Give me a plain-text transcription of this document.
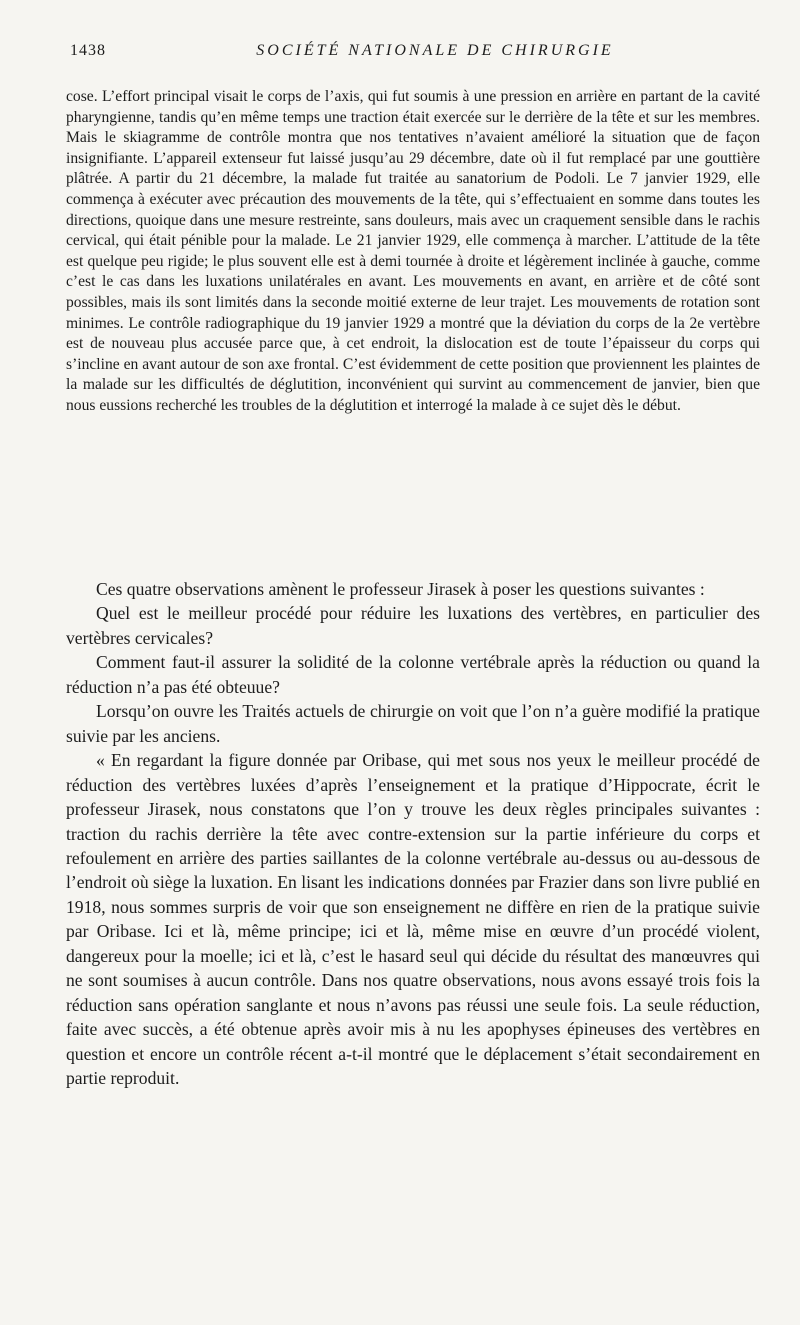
1438	SOCIÉTÉ NATIONALE DE CHIRURGIE

cose. L’effort principal visait le corps de l’axis, qui fut soumis à une pression en arrière en partant de la cavité pharyngienne, tandis qu’en même temps une traction était exercée sur le derrière de la tête et sur les membres. Mais le skiagramme de contrôle montra que nos tentatives n’avaient amélioré la situation que de façon insignifiante. L’appareil extenseur fut laissé jusqu’au 29 décembre, date où il fut remplacé par une gouttière plâtrée. A partir du 21 décembre, la malade fut traitée au sanatorium de Podoli. Le 7 janvier 1929, elle commença à exécuter avec précaution des mouvements de la tête, qui s’effectuaient en somme dans toutes les directions, quoique dans une mesure restreinte, sans douleurs, mais avec un craquement sensible dans le rachis cervical, qui était pénible pour la malade. Le 21 janvier 1929, elle commença à marcher. L’attitude de la tête est quelque peu rigide; le plus souvent elle est à demi tournée à droite et légèrement inclinée à gauche, comme c’est le cas dans les luxations unilatérales en avant. Les mouvements en avant, en arrière et de côté sont possibles, mais ils sont limités dans la seconde moitié externe de leur trajet. Les mouvements de rotation sont minimes. Le contrôle radiographique du 19 janvier 1929 a montré que la déviation du corps de la 2e vertèbre est de nouveau plus accusée parce que, à cet endroit, la dislocation est de toute l’épaisseur du corps qui s’incline en avant autour de son axe frontal. C’est évidemment de cette position que proviennent les plaintes de la malade sur les difficultés de déglutition, inconvénient qui survint au commencement de janvier, bien que nous eussions recherché les troubles de la déglutition et interrogé la malade à ce sujet dès le début.

Ces quatre observations amènent le professeur Jirasek à poser les questions suivantes :

Quel est le meilleur procédé pour réduire les luxations des vertèbres, en particulier des vertèbres cervicales?

Comment faut-il assurer la solidité de la colonne vertébrale après la réduction ou quand la réduction n’a pas été obteuue?

Lorsqu’on ouvre les Traités actuels de chirurgie on voit que l’on n’a guère modifié la pratique suivie par les anciens.

« En regardant la figure donnée par Oribase, qui met sous nos yeux le meilleur procédé de réduction des vertèbres luxées d’après l’enseignement et la pratique d’Hippocrate, écrit le professeur Jirasek, nous constatons que l’on y trouve les deux règles principales suivantes : traction du rachis derrière la tête avec contre-extension sur la partie inférieure du corps et refoulement en arrière des parties saillantes de la colonne vertébrale au-dessus ou au-dessous de l’endroit où siège la luxation. En lisant les indications données par Frazier dans son livre publié en 1918, nous sommes surpris de voir que son enseignement ne diffère en rien de la pratique suivie par Oribase. Ici et là, même principe; ici et là, même mise en œuvre d’un procédé violent, dangereux pour la moelle; ici et là, c’est le hasard seul qui décide du résultat des manœuvres qui ne sont soumises à aucun contrôle. Dans nos quatre observations, nous avons essayé trois fois la réduction sans opération sanglante et nous n’avons pas réussi une seule fois. La seule réduction, faite avec succès, a été obtenue après avoir mis à nu les apophyses épineuses des vertèbres en question et encore un contrôle récent a-t-il montré que le déplacement s’était secondairement en partie reproduit.
